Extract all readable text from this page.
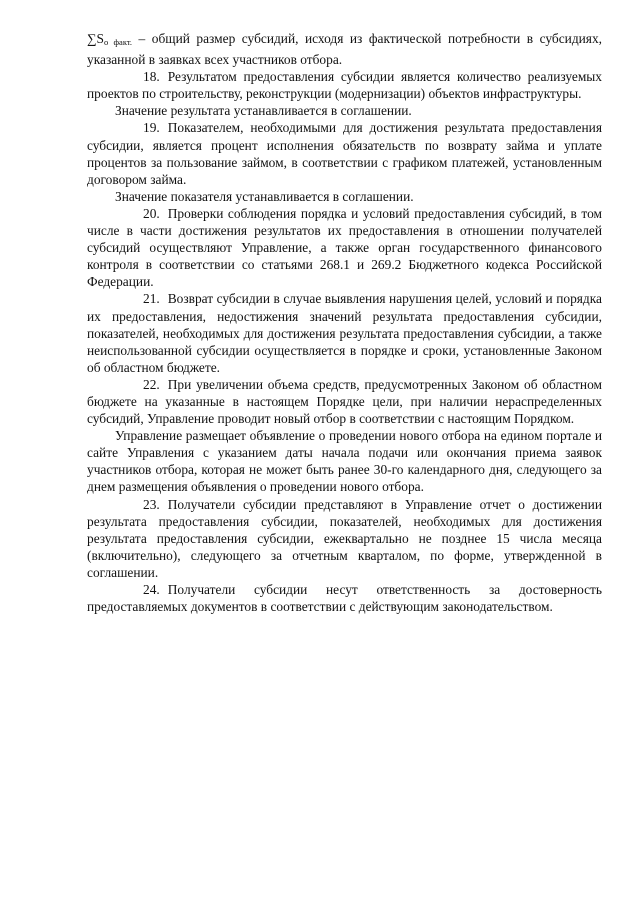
$\sum S_{о факт.}$ – общий размер субсидий, исходя из фактической потребности в субсидиях, указанной в заявках всех участников отбора.

18. Результатом предоставления субсидии является количество реализуемых проектов по строительству, реконструкции (модернизации) объектов инфраструктуры.

Значение результата устанавливается в соглашении.

19. Показателем, необходимыми для достижения результата предоставления субсидии, является процент исполнения обязательств по возврату займа и уплате процентов за пользование займом, в соответствии с графиком платежей, установленным договором займа.

Значение показателя устанавливается в соглашении.

20. Проверки соблюдения порядка и условий предоставления субсидий, в том числе в части достижения результатов их предоставления в отношении получателей субсидий осуществляют Управление, а также орган государственного финансового контроля в соответствии со статьями 268.1 и 269.2 Бюджетного кодекса Российской Федерации.

21. Возврат субсидии в случае выявления нарушения целей, условий и порядка их предоставления, недостижения значений результата предоставления субсидии, показателей, необходимых для достижения результата предоставления субсидии, а также неиспользованной субсидии осуществляется в порядке и сроки, установленные Законом об областном бюджете.

22. При увеличении объема средств, предусмотренных Законом об областном бюджете на указанные в настоящем Порядке цели, при наличии нераспределенных субсидий, Управление проводит новый отбор в соответствии с настоящим Порядком.

Управление размещает объявление о проведении нового отбора на едином портале и сайте Управления с указанием даты начала подачи или окончания приема заявок участников отбора, которая не может быть ранее 30-го календарного дня, следующего за днем размещения объявления о проведении нового отбора.

23. Получатели субсидии представляют в Управление отчет о достижении результата предоставления субсидии, показателей, необходимых для достижения результата предоставления субсидии, ежеквартально не позднее 15 числа месяца (включительно), следующего за отчетным кварталом, по форме, утвержденной в соглашении.

24. Получатели субсидии несут ответственность за достоверность предоставляемых документов в соответствии с действующим законодательством.
